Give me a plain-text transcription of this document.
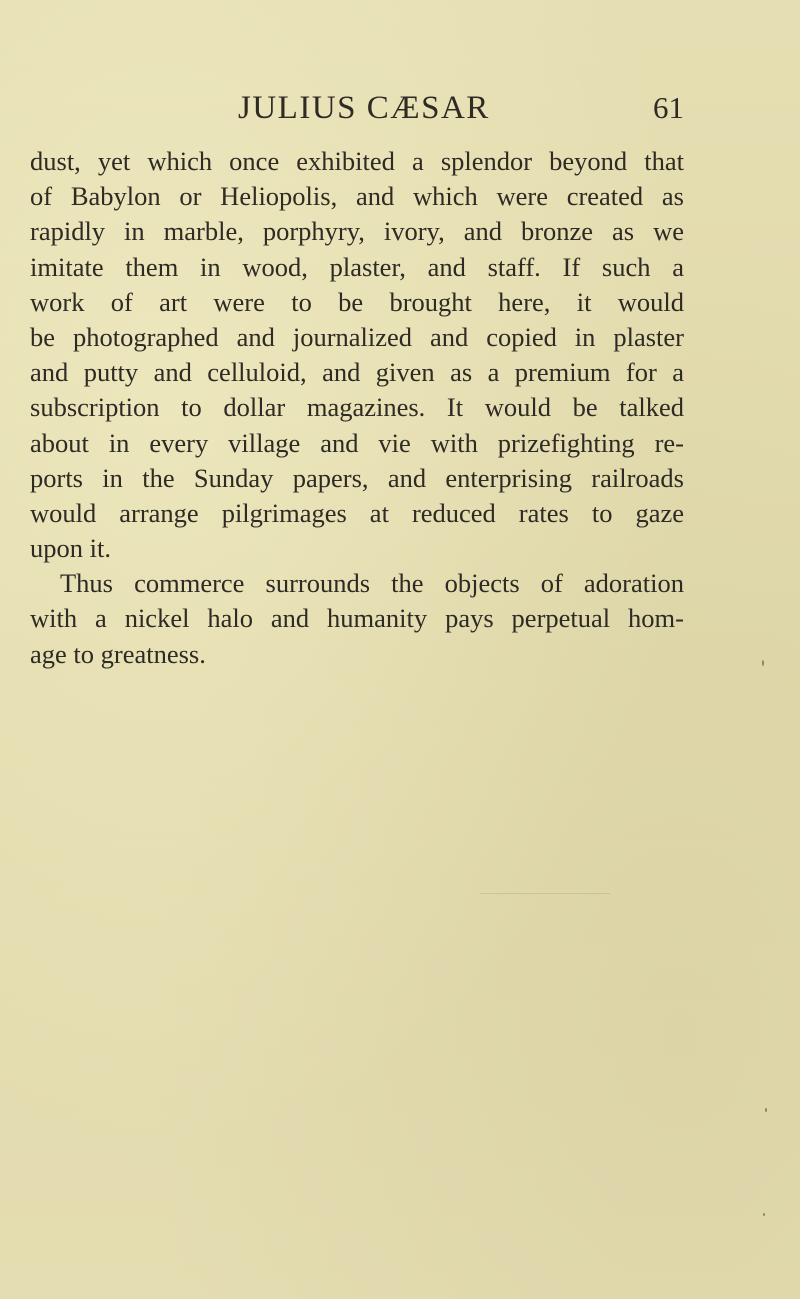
JULIUS CÆSAR	61
dust, yet which once exhibited a splendor beyond that
of Babylon or Heliopolis, and which were created as
rapidly in marble, porphyry, ivory, and bronze as we
imitate them in wood, plaster, and staff. If such a
work of art were to be brought here, it would
be photographed and journalized and copied in plaster
and putty and celluloid, and given as a premium for a
subscription to dollar magazines. It would be talked
about in every village and vie with prizefighting re-
ports in the Sunday papers, and enterprising railroads
would arrange pilgrimages at reduced rates to gaze
upon it.
Thus commerce surrounds the objects of adoration
with a nickel halo and humanity pays perpetual hom-
age to greatness.
